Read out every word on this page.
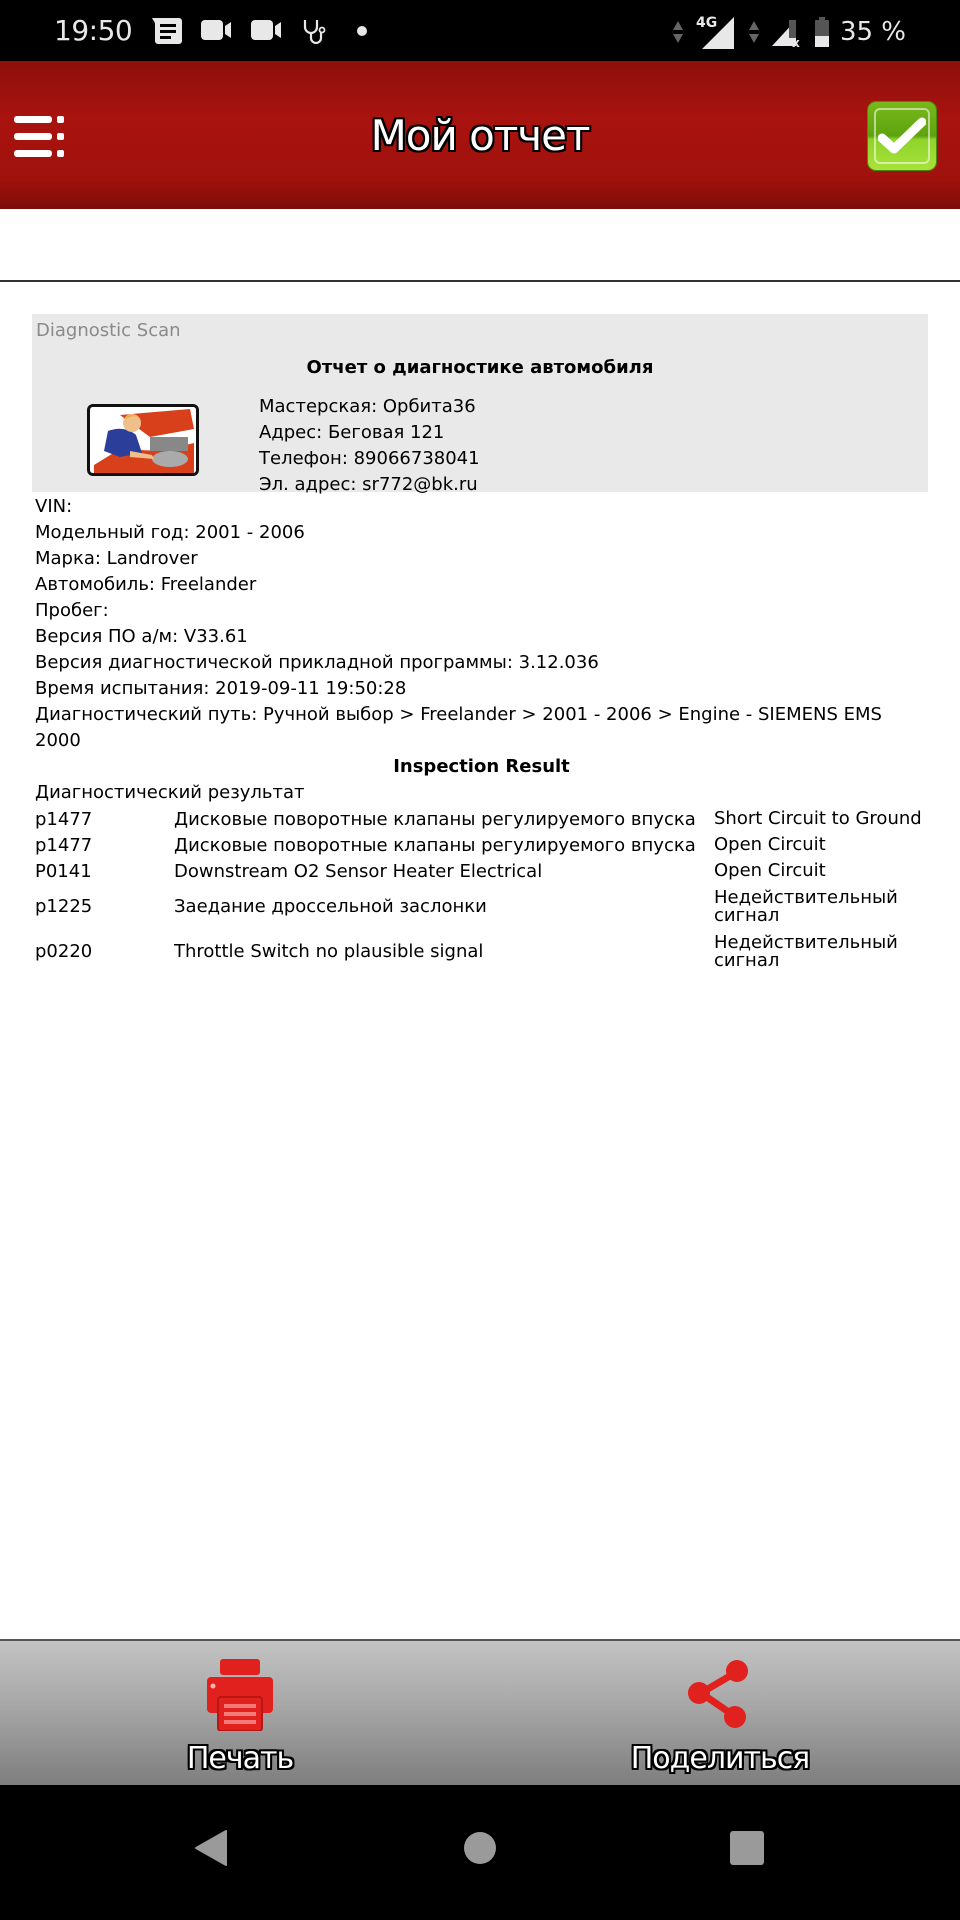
19:50	4G
x 35 %
Мой отчет
Diagnostic Scan
Отчет о диагностике автомобиля
Мастерская: Орбита36
Адрес: Беговая 121
Телефон: 89066738041
Эл. адрес: sr772@bk.ru
VIN:
Модельный год: 2001 - 2006
Марка: Landrover
Автомобиль: Freelander
Пробег:
Версия ПО а/м: V33.61
Версия диагностической прикладной программы: 3.12.036
Время испытания: 2019-09-11 19:50:28
Диагностический путь: Ручной выбор > Freelander > 2001 - 2006 > Engine - SIEMENS EMS 2000
Inspection Result
Диагностический результат
p1477	Дисковые поворотные клапаны регулируемого впуска	Short Circuit to Ground
p1477	Дисковые поворотные клапаны регулируемого впуска	Open Circuit
P0141	Downstream O2 Sensor Heater Electrical	Open Circuit
p1225	Заедание дроссельной заслонки	Недействительный сигнал
p0220	Throttle Switch no plausible signal	Недействительный сигнал
Печать	Поделиться
